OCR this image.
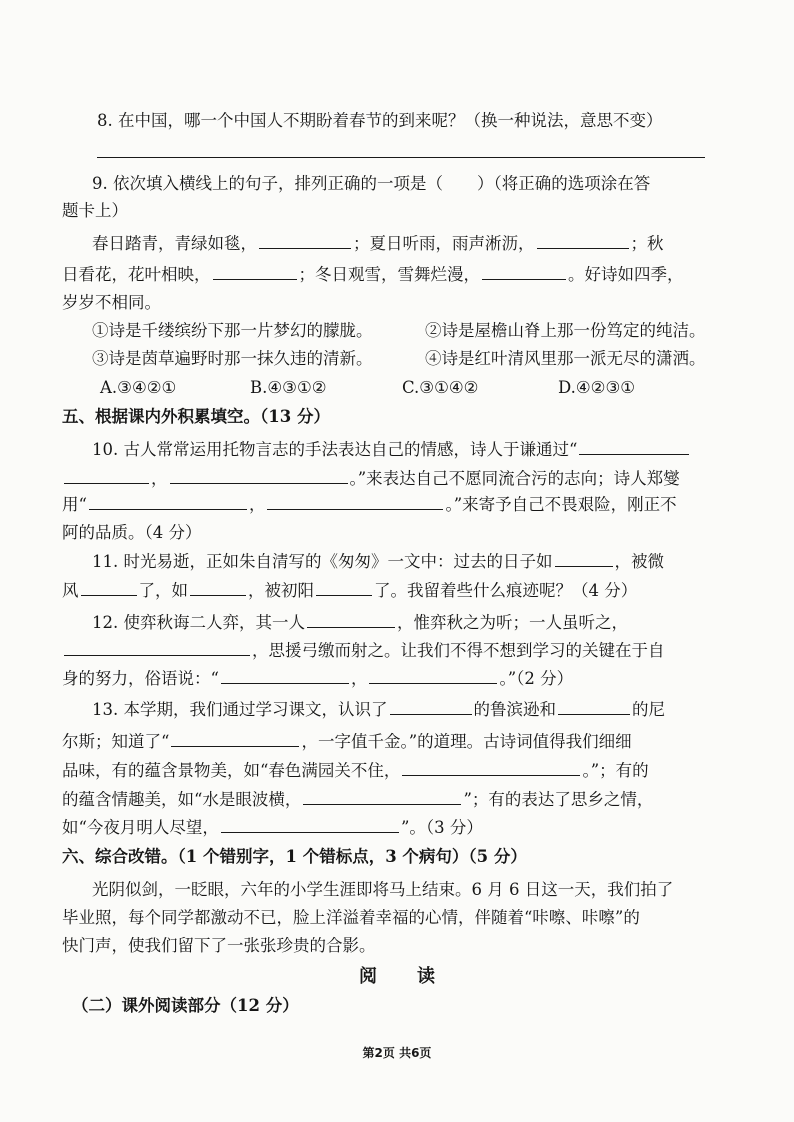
8. 在中国，哪一个中国人不期盼着春节的到来呢？（换一种说法，意思不变）
9. 依次填入横线上的句子，排列正确的一项是（ ）（将正确的选项涂在答
题卡上）
春日踏青，青绿如毯，	；夏日听雨，雨声淅沥，	；秋
日看花，花叶相映，	；冬日观雪，雪舞烂漫，	。好诗如四季，
岁岁不相同。
①诗是千缕缤纷下那一片梦幻的朦胧。	②诗是屋檐山脊上那一份笃定的纯洁。
③诗是茵草遍野时那一抹久违的清新。	④诗是红叶清风里那一派无尽的潇洒。
A.③④②①	B.④③①②	C.③①④②	D.④②③①
五、根据课内外积累填空。（13 分）
10. 古人常常运用托物言志的手法表达自己的情感，诗人于谦通过“
，	。”来表达自己不愿同流合污的志向；诗人郑燮
用“	，	。”来寄予自己不畏艰险，刚正不
阿的品质。（4 分）
11. 时光易逝，正如朱自清写的《匆匆》一文中：过去的日子如	，被微
风	了，如	，被初阳	了。我留着些什么痕迹呢？（4 分）
12. 使弈秋诲二人弈，其一人	，惟弈秋之为听；一人虽听之，
，思援弓缴而射之。让我们不得不想到学习的关键在于自
身的努力，俗语说：“	，	。”（2 分）
13. 本学期，我们通过学习课文，认识了	的鲁滨逊和	的尼
尔斯；知道了“	，一字值千金。”的道理。古诗词值得我们细细
品味，有的蕴含景物美，如“春色满园关不住，	。”；有的
的蕴含情趣美，如“水是眼波横，	”；有的表达了思乡之情，
如“今夜月明人尽望，	”。（3 分）
六、综合改错。（1 个错别字，1 个错标点，3 个病句）（5 分）
光阴似剑，一眨眼，六年的小学生涯即将马上结束。6 月 6 日这一天，我们拍了
毕业照，每个同学都激动不已，脸上洋溢着幸福的心情，伴随着“咔嚓、咔嚓”的
快门声，使我们留下了一张张珍贵的合影。
阅读
（二）课外阅读部分（12 分）
第2页 共6页
